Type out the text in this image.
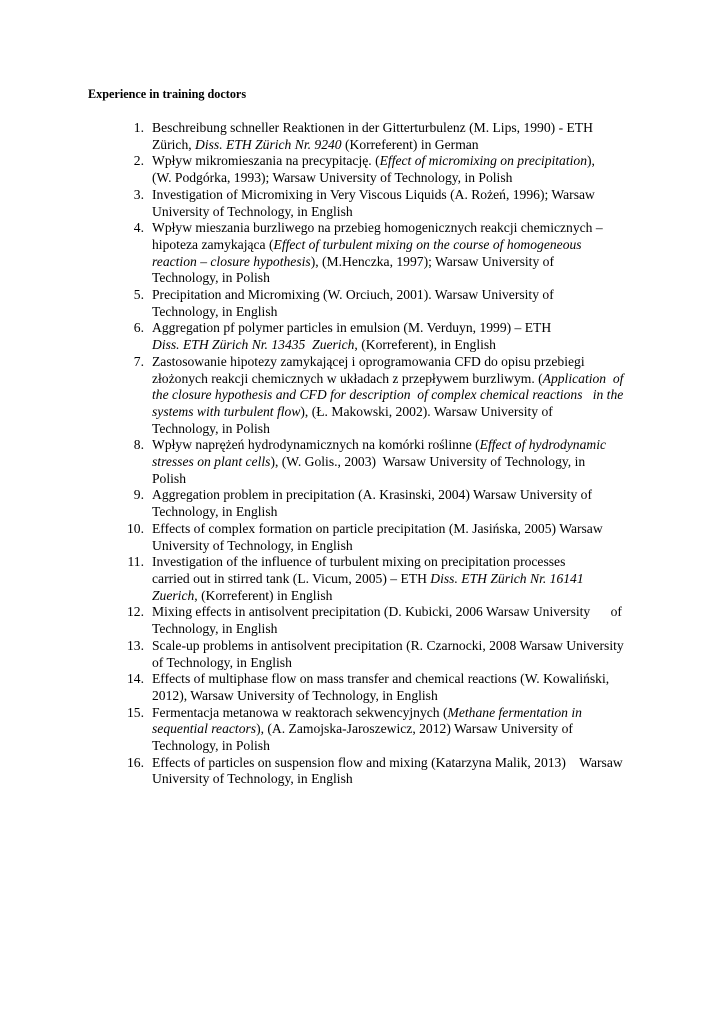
Experience in training doctors
1. Beschreibung schneller Reaktionen in der Gitterturbulenz (M. Lips, 1990) - ETH
Zürich, Diss. ETH Zürich Nr. 9240 (Korreferent) in German
2. Wpływ mikromieszania na precypitację. (Effect of micromixing on precipitation),
(W. Podgórka, 1993); Warsaw University of Technology, in Polish
3. Investigation of Micromixing in Very Viscous Liquids (A. Rożeń, 1996); Warsaw
University of Technology, in English
4. Wpływ mieszania burzliwego na przebieg homogenicznych reakcji chemicznych –
hipoteza zamykająca (Effect of turbulent mixing on the course of homogeneous
reaction – closure hypothesis), (M.Henczka, 1997); Warsaw University of
Technology, in Polish
5. Precipitation and Micromixing (W. Orciuch, 2001). Warsaw University of
Technology, in English
6. Aggregation pf polymer particles in emulsion (M. Verduyn, 1999) – ETH
Diss. ETH Zürich Nr. 13435  Zuerich, (Korreferent), in English
7. Zastosowanie hipotezy zamykającej i oprogramowania CFD do opisu przebiegi
złożonych reakcji chemicznych w układach z przepływem burzliwym. (Application  of
the closure hypothesis and CFD for description  of complex chemical reactions   in the
systems with turbulent flow), (Ł. Makowski, 2002). Warsaw University of
Technology, in Polish
8. Wpływ naprężeń hydrodynamicznych na komórki roślinne (Effect of hydrodynamic
stresses on plant cells), (W. Golis., 2003)  Warsaw University of Technology, in
Polish
9. Aggregation problem in precipitation (A. Krasinski, 2004) Warsaw University of
Technology, in English
10. Effects of complex formation on particle precipitation (M. Jasińska, 2005) Warsaw
University of Technology, in English
11. Investigation of the influence of turbulent mixing on precipitation processes
carried out in stirred tank (L. Vicum, 2005) – ETH Diss. ETH Zürich Nr. 16141
Zuerich, (Korreferent) in English
12. Mixing effects in antisolvent precipitation (D. Kubicki, 2006 Warsaw University      of
Technology, in English
13. Scale-up problems in antisolvent precipitation (R. Czarnocki, 2008 Warsaw University
of Technology, in English
14. Effects of multiphase flow on mass transfer and chemical reactions (W. Kowaliński,
2012), Warsaw University of Technology, in English
15. Fermentacja metanowa w reaktorach sekwencyjnych (Methane fermentation in
sequential reactors), (A. Zamojska-Jaroszewicz, 2012) Warsaw University of
Technology, in Polish
16. Effects of particles on suspension flow and mixing (Katarzyna Malik, 2013)    Warsaw
University of Technology, in English
